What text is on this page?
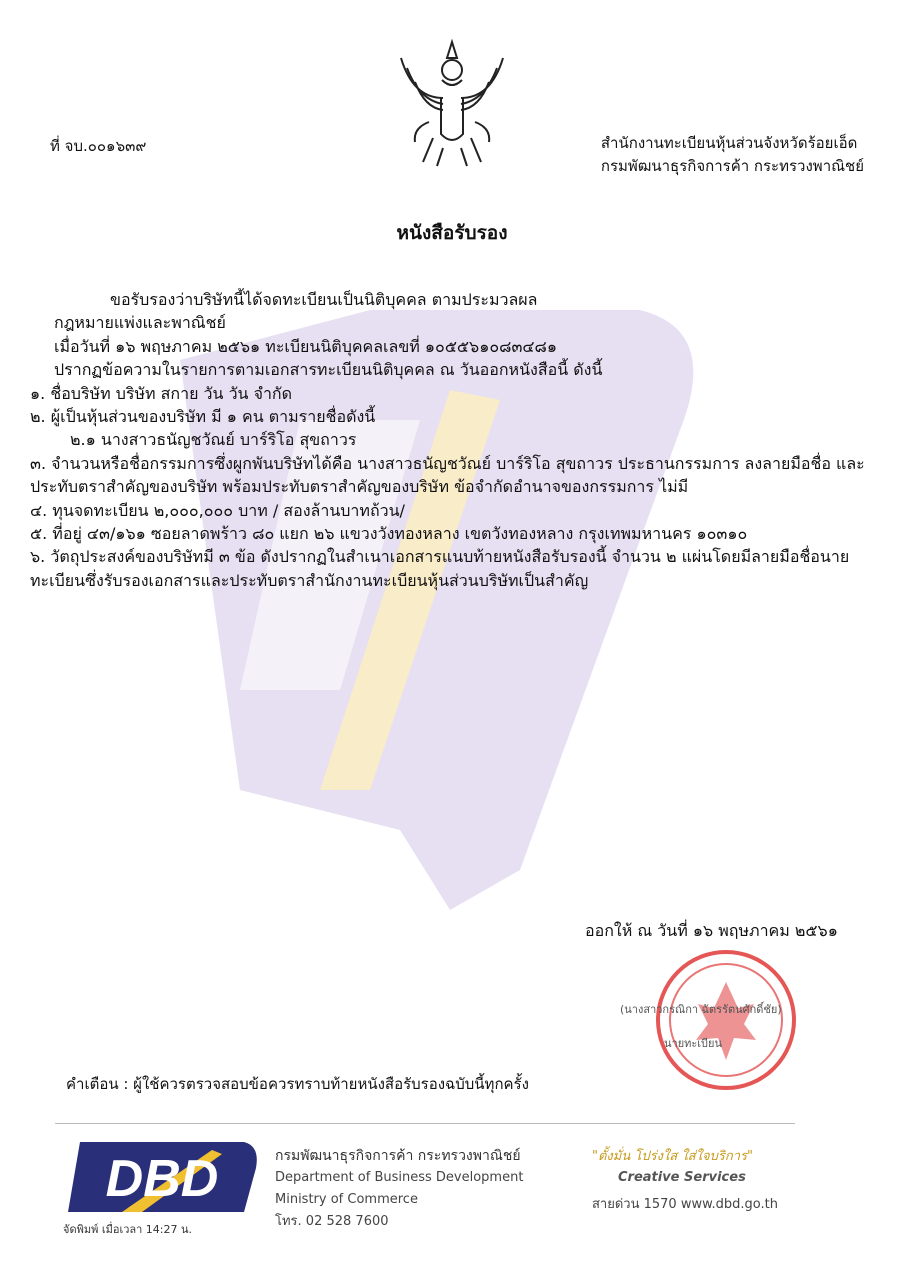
ที่ จบ.๐๐๑๖๓๙	สำนักงานทะเบียนหุ้นส่วนจังหวัดร้อยเอ็ด
กรมพัฒนาธุรกิจการค้า กระทรวงพาณิชย์
หนังสือรับรอง
ขอรับรองว่าบริษัทนี้ได้จดทะเบียนเป็นนิติบุคคล ตามประมวลผล
กฎหมายแพ่งและพาณิชย์
เมื่อวันที่ ๑๖ พฤษภาคม ๒๕๖๑ ทะเบียนนิติบุคคลเลขที่ ๑๐๕๕๖๑๐๘๓๔๘๑
ปรากฏข้อความในรายการตามเอกสารทะเบียนนิติบุคคล ณ วันออกหนังสือนี้ ดังนี้
๑. ชื่อบริษัท บริษัท สกาย วัน วัน จำกัด
๒. ผู้เป็นหุ้นส่วนของบริษัท มี ๑ คน ตามรายชื่อดังนี้
๒.๑ นางสาวธนัญชวัณย์ บาร์ริโอ สุขถาวร
๓. จำนวนหรือชื่อกรรมการซึ่งผูกพันบริษัทได้คือ นางสาวธนัญชวัณย์ บาร์ริโอ สุขถาวร ประธานกรรมการ ลงลายมือชื่อ และประทับตราสำคัญของบริษัท พร้อมประทับตราสำคัญของบริษัท ข้อจำกัดอำนาจของกรรมการ ไม่มี
๔. ทุนจดทะเบียน ๒,๐๐๐,๐๐๐ บาท / สองล้านบาทถ้วน/
๕. ที่อยู่ ๔๓/๑๖๑ ซอยลาดพร้าว ๘๐ แยก ๒๖ แขวงวังทองหลาง เขตวังทองหลาง กรุงเทพมหานคร ๑๐๓๑๐
๖. วัตถุประสงค์ของบริษัทมี ๓ ข้อ ดังปรากฏในสำเนาเอกสารแนบท้ายหนังสือรับรองนี้ จำนวน ๒ แผ่นโดยมีลายมือชื่อนายทะเบียนซึ่งรับรองเอกสารและประทับตราสำนักงานทะเบียนหุ้นส่วนบริษัทเป็นสำคัญ
ออกให้ ณ วันที่ ๑๖ พฤษภาคม ๒๕๖๑
(นางสาวกรณิกา ฉัตรรัตนศักดิ์ชัย)
นายทะเบียน
คำเตือน : ผู้ใช้ควรตรวจสอบข้อควรทราบท้ายหนังสือรับรองฉบับนี้ทุกครั้ง
DBD
จัดพิมพ์ เมื่อเวลา 14:27 น.
กรมพัฒนาธุรกิจการค้า กระทรวงพาณิชย์
Department of Business Development
Ministry of Commerce
โทร. 02 528 7600
"ตั้งมั่น โปร่งใส ใส่ใจบริการ"
Creative Services
สายด่วน 1570 www.dbd.go.th
